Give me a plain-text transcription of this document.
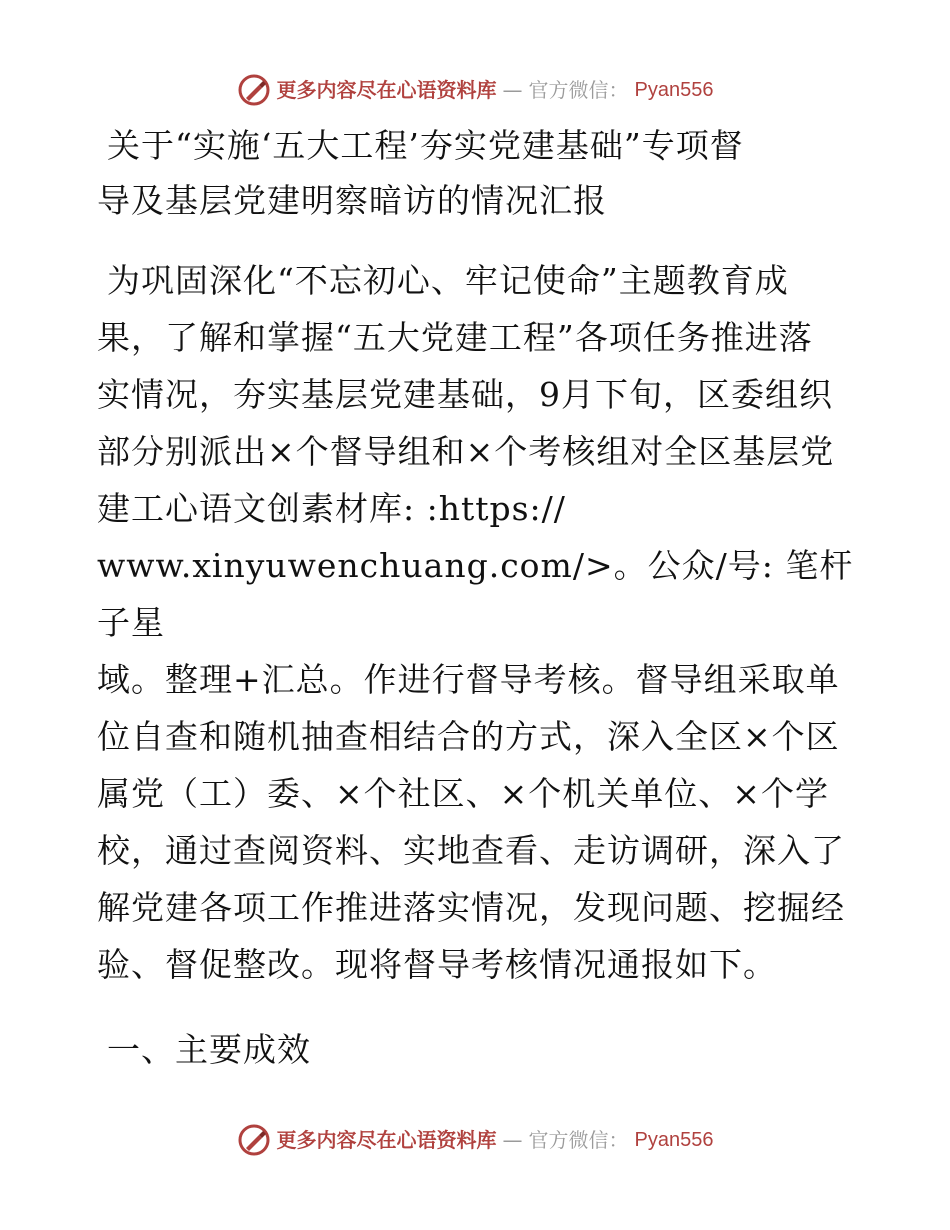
更多内容尽在心语资料库 — 官方微信： Pyan556
关于“实施‘五大工程’夯实党建基础”专项督
导及基层党建明察暗访的情况汇报
为巩固深化“不忘初心、牢记使命”主题教育成
果，了解和掌握“五大党建工程”各项任务推进落
实情况，夯实基层党建基础，9月下旬，区委组织
部分别派出×个督导组和×个考核组对全区基层党
建工心语文创素材库: :https://
www.xinyuwenchuang.com/>。公众/号: 笔杆子星
域。整理+汇总。作进行督导考核。督导组采取单
位自查和随机抽查相结合的方式，深入全区×个区
属党（工）委、×个社区、×个机关单位、×个学
校，通过查阅资料、实地查看、走访调研，深入了
解党建各项工作推进落实情况，发现问题、挖掘经
验、督促整改。现将督导考核情况通报如下。
一、主要成效
更多内容尽在心语资料库 — 官方微信： Pyan556
